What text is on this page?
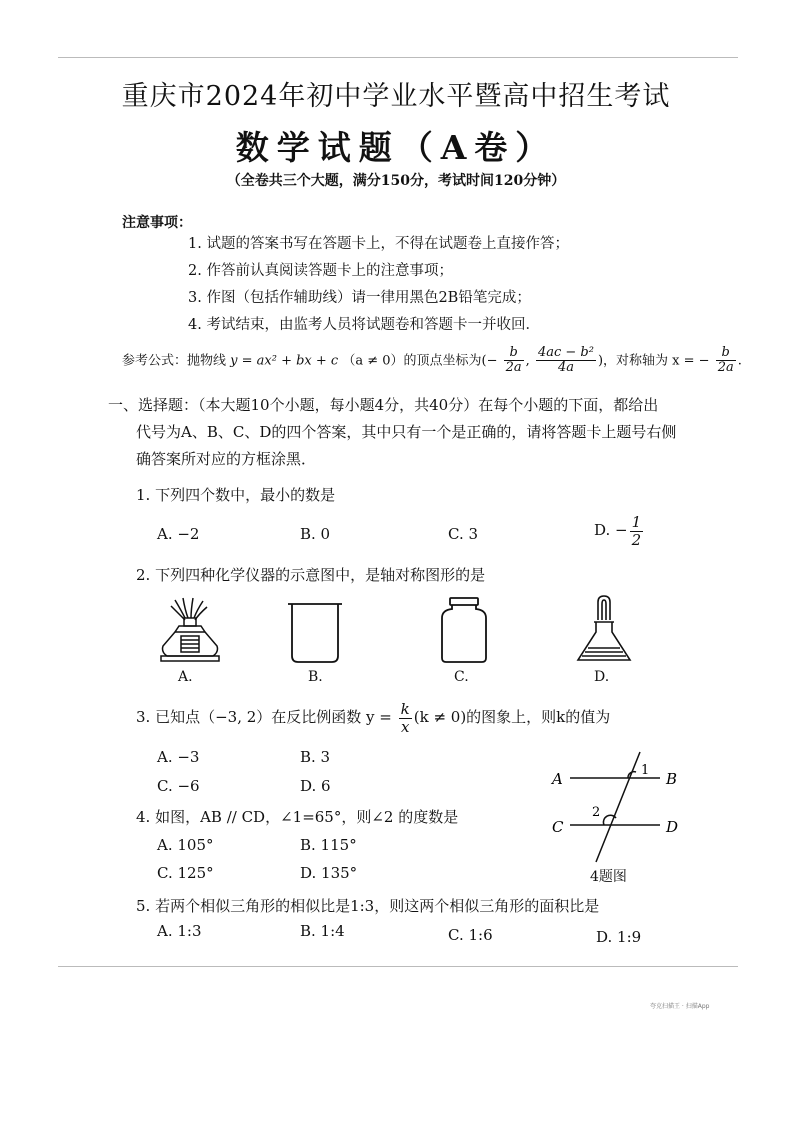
重庆市2024年初中学业水平暨高中招生考试
数学试题（A卷）
（全卷共三个大题，满分150分，考试时间120分钟）
注意事项：
1. 试题的答案书写在答题卡上，不得在试题卷上直接作答；
2. 作答前认真阅读答题卡上的注意事项；
3. 作图（包括作辅助线）请一律用黑色2B铅笔完成；
4. 考试结束，由监考人员将试题卷和答题卡一并收回．
参考公式：抛物线 y = ax² + bx + c （a ≠ 0）的顶点坐标为(− $\frac{b}{2a}$ , $\frac{\text{4ac − b²}}{4a}$ )，对称轴为 x = − $\frac{b}{2a}$ .
一、选择题：（本大题10个小题，每小题4分，共40分）在每个小题的下面，都给出
代号为A、B、C、D的四个答案，其中只有一个是正确的，请将答题卡上题号右侧
确答案所对应的方框涂黑．
1. 下列四个数中，最小的数是
A. −2	B. 0	C. 3	D. − $\frac{1}{2}$
2. 下列四种化学仪器的示意图中，是轴对称图形的是
A.	B.	C.	D.
3. 已知点（−3, 2）在反比例函数 $y = \frac{k}{x} (k \ne 0)$的图象上，则k的值为
A. −3	B. 3
C. −6	D. 6	A	B
C	D
1
2
4题图
4. 如图，AB // CD，∠1=65°，则∠2 的度数是
A. 105°	B. 115°
C. 125°	D. 135°
5. 若两个相似三角形的相似比是1:3，则这两个相似三角形的面积比是
A. 1:3	B. 1:4	C. 1:6	D. 1:9
夸克扫描王 · 扫描App
